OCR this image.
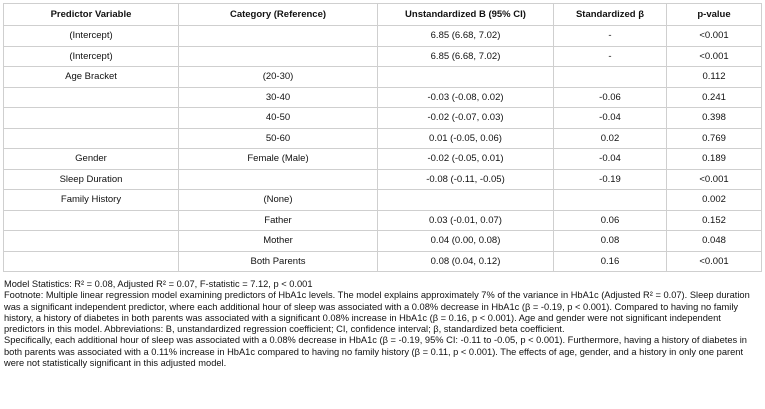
Predictor Variable	Category (Reference)	Unstandardized B (95% CI)	Standardized β	p-value
(Intercept)		6.85 (6.68, 7.02)	-	<0.001
(Intercept)		6.85 (6.68, 7.02)	-	<0.001
Age Bracket	(20-30)			0.112
	30-40	-0.03 (-0.08, 0.02)	-0.06	0.241
	40-50	-0.02 (-0.07, 0.03)	-0.04	0.398
	50-60	0.01 (-0.05, 0.06)	0.02	0.769
Gender	Female (Male)	-0.02 (-0.05, 0.01)	-0.04	0.189
Sleep Duration		-0.08 (-0.11, -0.05)	-0.19	<0.001
Family History	(None)			0.002
	Father	0.03 (-0.01, 0.07)	0.06	0.152
	Mother	0.04 (0.00, 0.08)	0.08	0.048
	Both Parents	0.08 (0.04, 0.12)	0.16	<0.001

Model Statistics: R² = 0.08, Adjusted R² = 0.07, F-statistic = 7.12, p < 0.001

Footnote: Multiple linear regression model examining predictors of HbA1c levels. The model explains approximately 7% of the variance in HbA1c (Adjusted R² = 0.07). Sleep duration was a significant independent predictor, where each additional hour of sleep was associated with a 0.08% decrease in HbA1c (β = -0.19, p < 0.001). Compared to having no family history, a history of diabetes in both parents was associated with a significant 0.08% increase in HbA1c (β = 0.16, p < 0.001). Age and gender were not significant independent predictors in this model. Abbreviations: B, unstandardized regression coefficient; CI, confidence interval; β, standardized beta coefficient.

Specifically, each additional hour of sleep was associated with a 0.08% decrease in HbA1c (β = -0.19, 95% CI: -0.11 to -0.05, p < 0.001). Furthermore, having a history of diabetes in both parents was associated with a 0.11% increase in HbA1c compared to having no family history (β = 0.11, p < 0.001). The effects of age, gender, and a history in only one parent were not statistically significant in this adjusted model.
